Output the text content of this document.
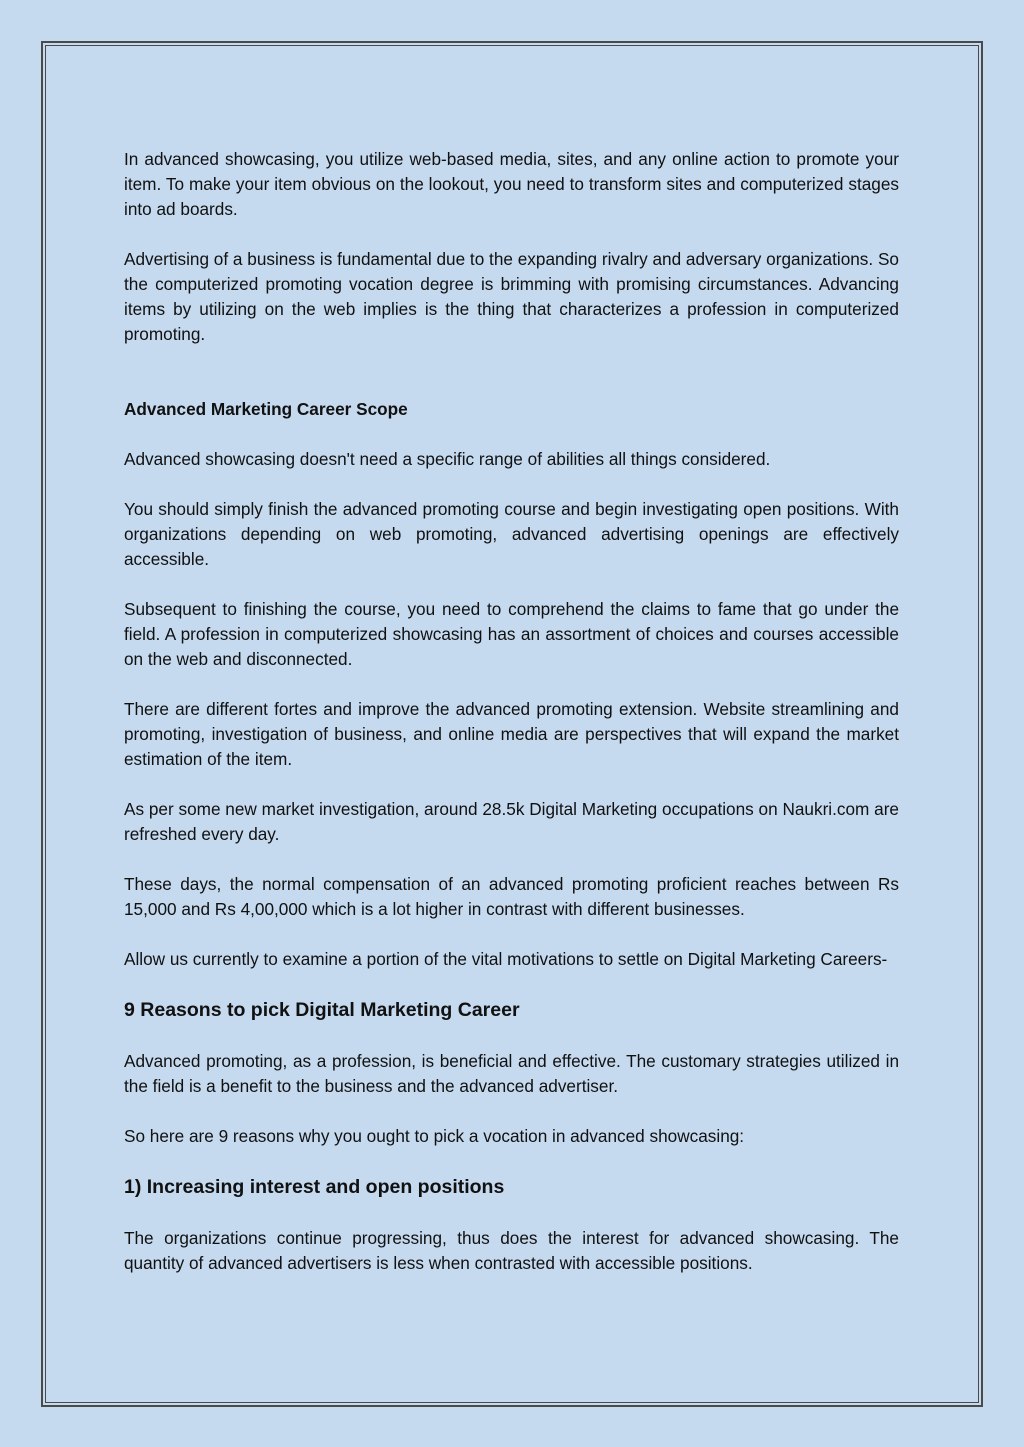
In advanced showcasing, you utilize web-based media, sites, and any online action to promote your item. To make your item obvious on the lookout, you need to transform sites and computerized stages into ad boards.

Advertising of a business is fundamental due to the expanding rivalry and adversary organizations. So the computerized promoting vocation degree is brimming with promising circumstances. Advancing items by utilizing on the web implies is the thing that characterizes a profession in computerized promoting.

Advanced Marketing Career Scope

Advanced showcasing doesn't need a specific range of abilities all things considered.

You should simply finish the advanced promoting course and begin investigating open positions. With organizations depending on web promoting, advanced advertising openings are effectively accessible.

Subsequent to finishing the course, you need to comprehend the claims to fame that go under the field. A profession in computerized showcasing has an assortment of choices and courses accessible on the web and disconnected.

There are different fortes and improve the advanced promoting extension. Website streamlining and promoting, investigation of business, and online media are perspectives that will expand the market estimation of the item.

As per some new market investigation, around 28.5k Digital Marketing occupations on Naukri.com are refreshed every day.

These days, the normal compensation of an advanced promoting proficient reaches between Rs 15,000 and Rs 4,00,000 which is a lot higher in contrast with different businesses.

Allow us currently to examine a portion of the vital motivations to settle on Digital Marketing Careers-

9 Reasons to pick Digital Marketing Career

Advanced promoting, as a profession, is beneficial and effective. The customary strategies utilized in the field is a benefit to the business and the advanced advertiser.

So here are 9 reasons why you ought to pick a vocation in advanced showcasing:

1) Increasing interest and open positions

The organizations continue progressing, thus does the interest for advanced showcasing. The quantity of advanced advertisers is less when contrasted with accessible positions.
